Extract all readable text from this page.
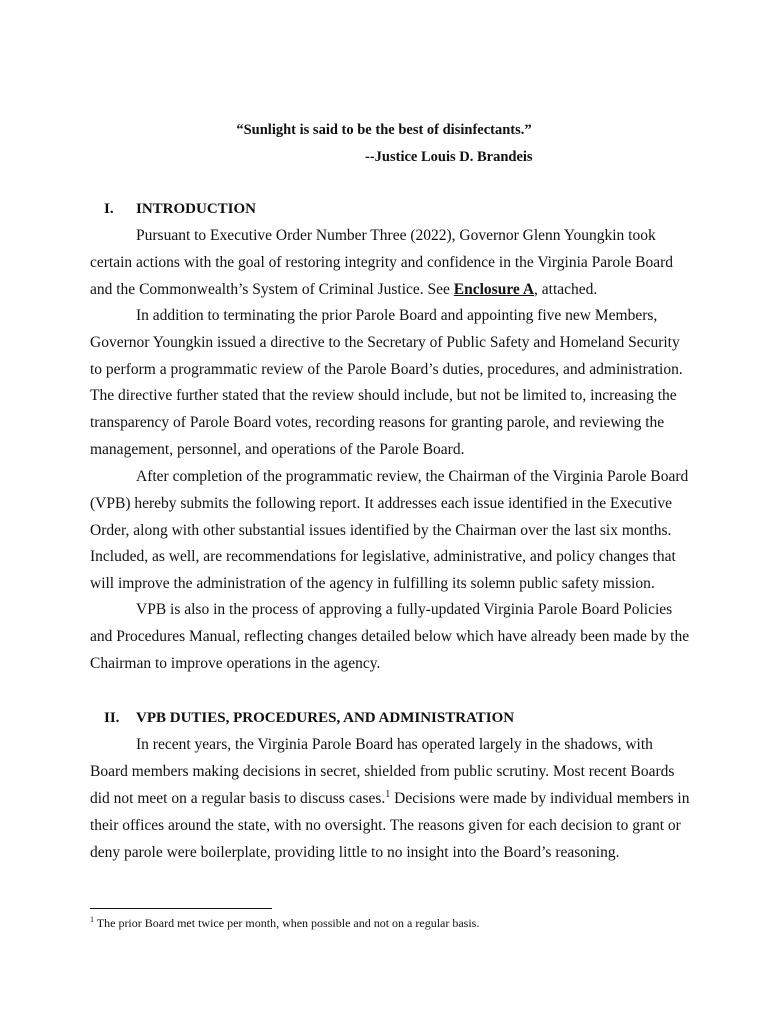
“Sunlight is said to be the best of disinfectants.”
--Justice Louis D. Brandeis
I. INTRODUCTION
Pursuant to Executive Order Number Three (2022), Governor Glenn Youngkin took
certain actions with the goal of restoring integrity and confidence in the Virginia Parole Board
and the Commonwealth’s System of Criminal Justice. See Enclosure A, attached.
In addition to terminating the prior Parole Board and appointing five new Members,
Governor Youngkin issued a directive to the Secretary of Public Safety and Homeland Security
to perform a programmatic review of the Parole Board’s duties, procedures, and administration.
The directive further stated that the review should include, but not be limited to, increasing the
transparency of Parole Board votes, recording reasons for granting parole, and reviewing the
management, personnel, and operations of the Parole Board.
After completion of the programmatic review, the Chairman of the Virginia Parole Board
(VPB) hereby submits the following report. It addresses each issue identified in the Executive
Order, along with other substantial issues identified by the Chairman over the last six months.
Included, as well, are recommendations for legislative, administrative, and policy changes that
will improve the administration of the agency in fulfilling its solemn public safety mission.
VPB is also in the process of approving a fully-updated Virginia Parole Board Policies
and Procedures Manual, reflecting changes detailed below which have already been made by the
Chairman to improve operations in the agency.
II. VPB DUTIES, PROCEDURES, AND ADMINISTRATION
In recent years, the Virginia Parole Board has operated largely in the shadows, with
Board members making decisions in secret, shielded from public scrutiny. Most recent Boards
did not meet on a regular basis to discuss cases.$^1$ Decisions were made by individual members in
their offices around the state, with no oversight. The reasons given for each decision to grant or
deny parole were boilerplate, providing little to no insight into the Board’s reasoning.
$^1$ The prior Board met twice per month, when possible and not on a regular basis.
